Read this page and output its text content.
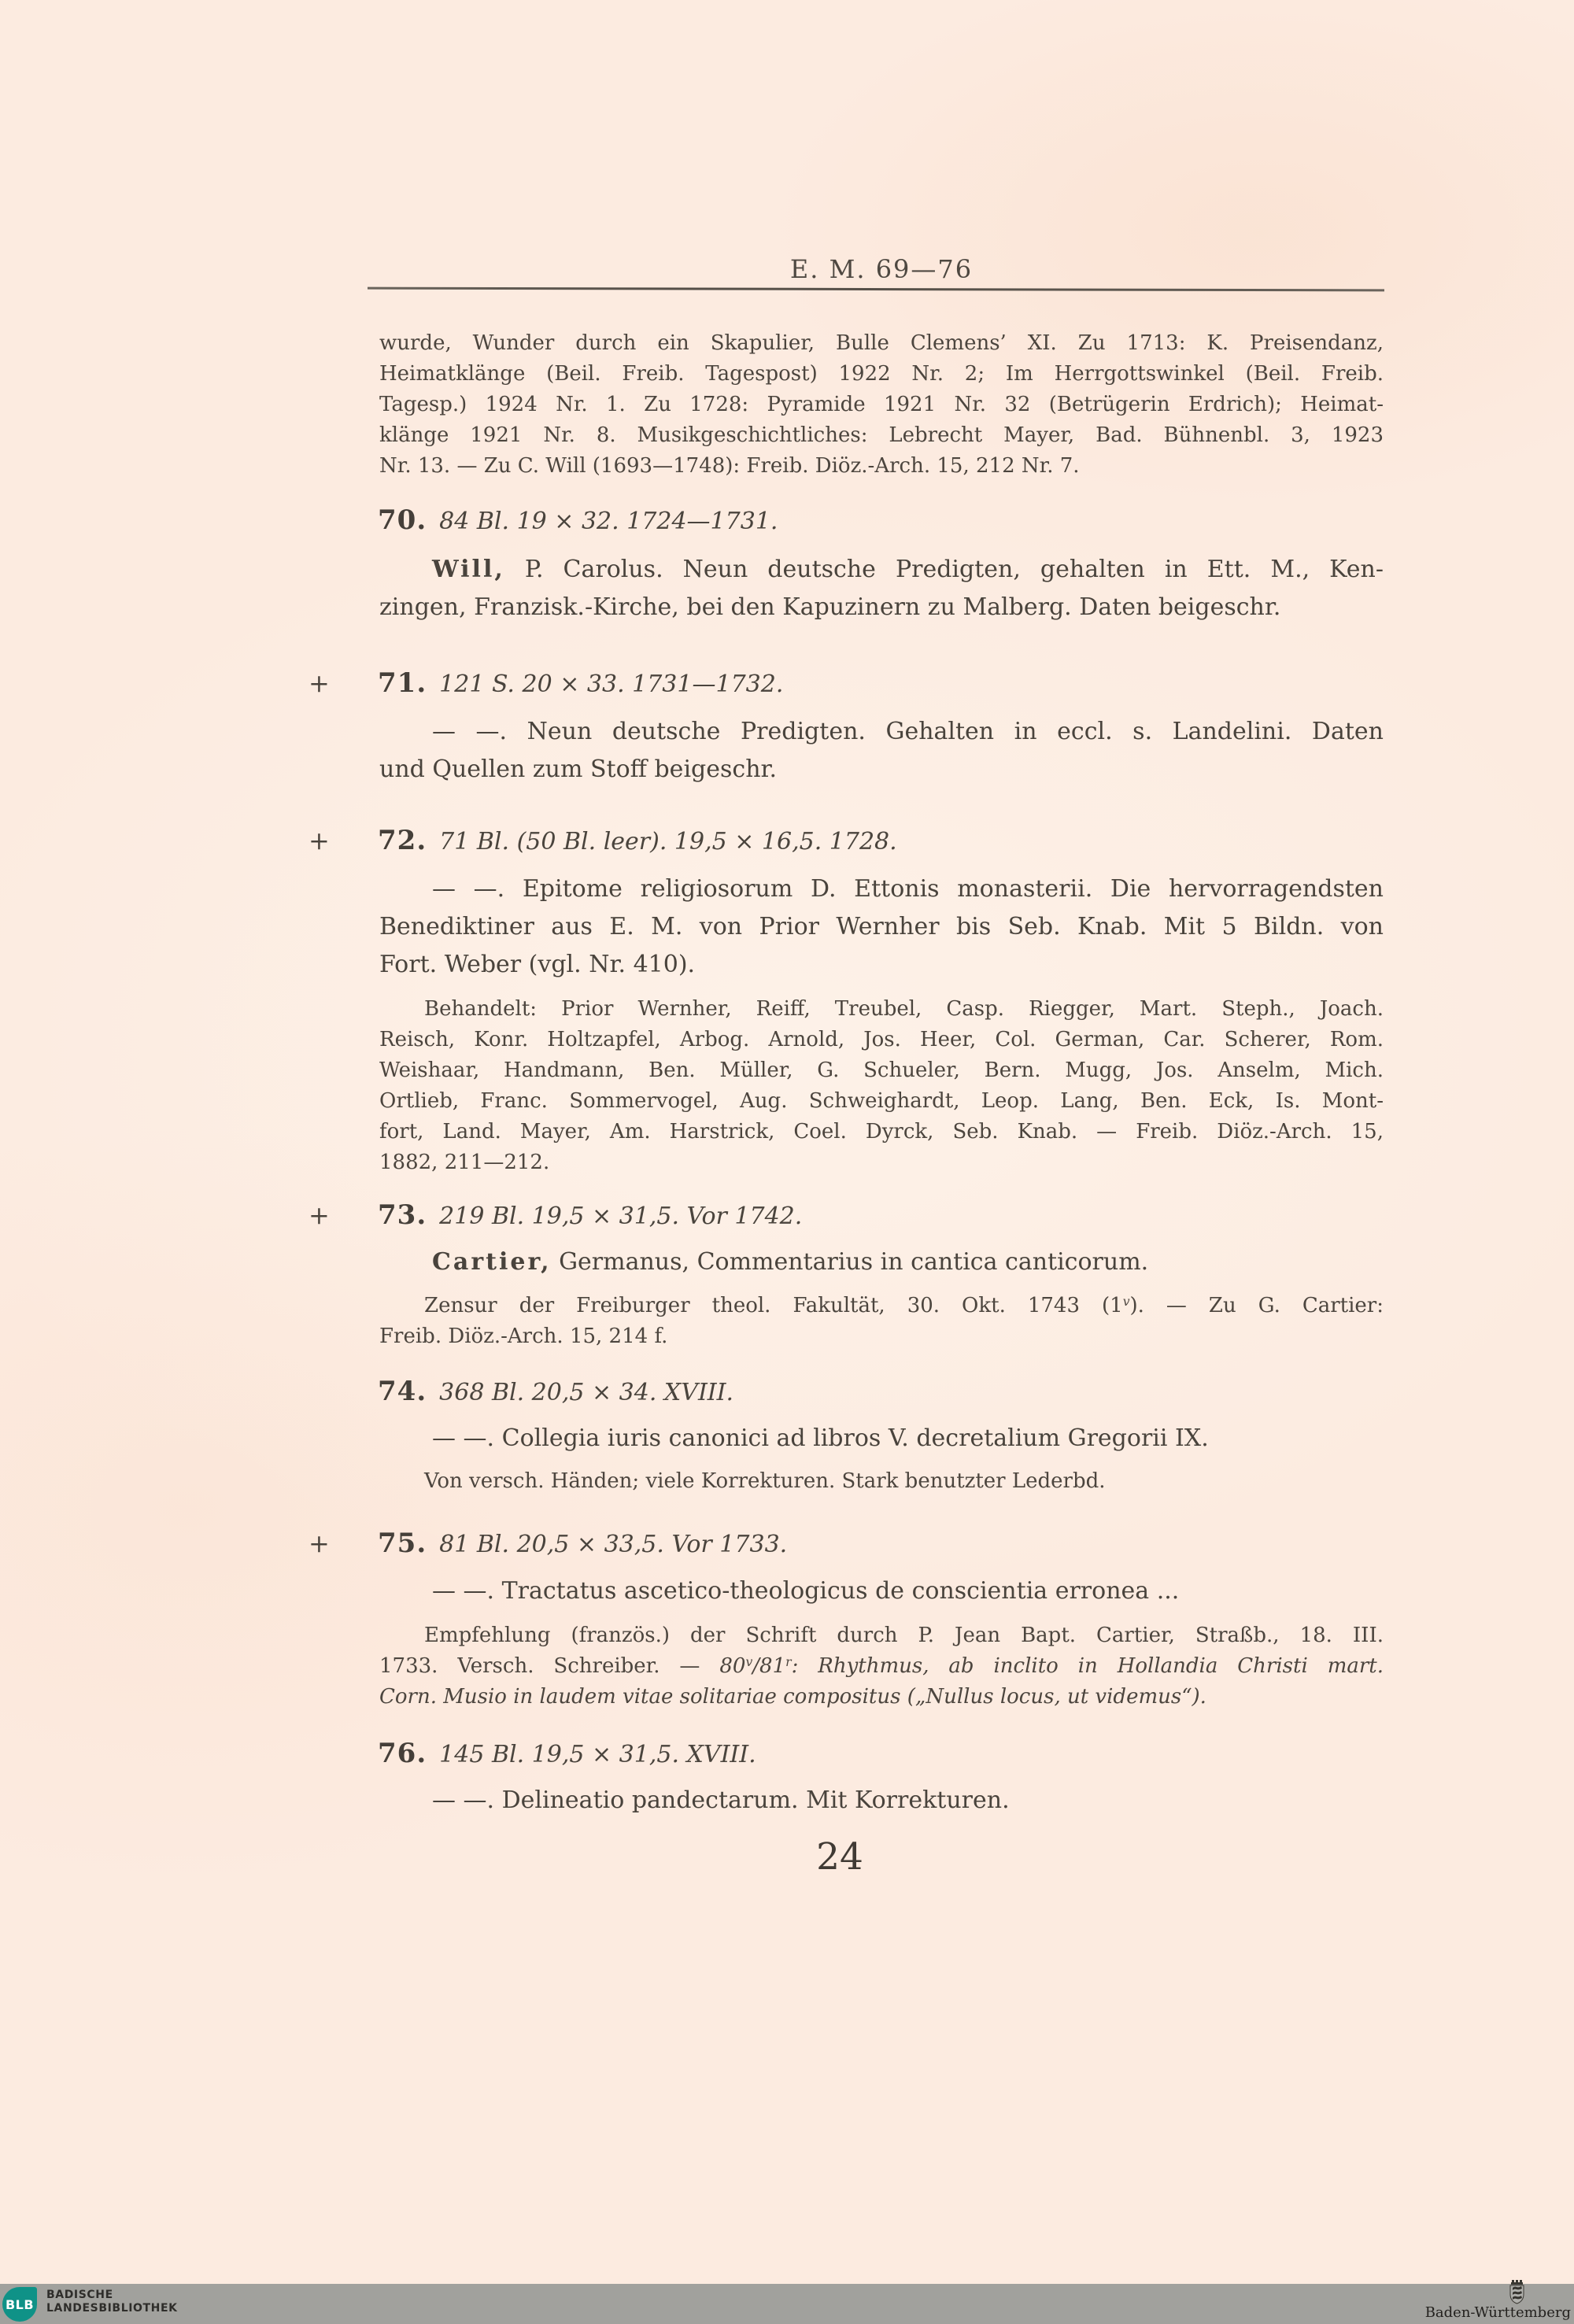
E. M. 69—76
wurde, Wunder durch ein Skapulier, Bulle Clemens’ XI. Zu 1713: K. Preisendanz,
Heimatklänge (Beil. Freib. Tagespost) 1922 Nr. 2; Im Herrgottswinkel (Beil. Freib.
Tagesp.) 1924 Nr. 1. Zu 1728: Pyramide 1921 Nr. 32 (Betrügerin Erdrich); Heimat-
klänge 1921 Nr. 8. Musikgeschichtliches: Lebrecht Mayer, Bad. Bühnenbl. 3, 1923
Nr. 13. — Zu C. Will (1693—1748): Freib. Diöz.-Arch. 15, 212 Nr. 7.
70. 84 Bl. 19 × 32. 1724—1731.
Will, P. Carolus. Neun deutsche Predigten, gehalten in Ett. M., Ken-
zingen, Franzisk.-Kirche, bei den Kapuzinern zu Malberg. Daten beigeschr.
+ 71. 121 S. 20 × 33. 1731—1732.
— —. Neun deutsche Predigten. Gehalten in eccl. s. Landelini. Daten
und Quellen zum Stoff beigeschr.
+ 72. 71 Bl. (50 Bl. leer). 19,5 × 16,5. 1728.
— —. Epitome religiosorum D. Ettonis monasterii. Die hervorragendsten
Benediktiner aus E. M. von Prior Wernher bis Seb. Knab. Mit 5 Bildn. von
Fort. Weber (vgl. Nr. 410).
Behandelt: Prior Wernher, Reiff, Treubel, Casp. Riegger, Mart. Steph., Joach.
Reisch, Konr. Holtzapfel, Arbog. Arnold, Jos. Heer, Col. German, Car. Scherer, Rom.
Weishaar, Handmann, Ben. Müller, G. Schueler, Bern. Mugg, Jos. Anselm, Mich.
Ortlieb, Franc. Sommervogel, Aug. Schweighardt, Leop. Lang, Ben. Eck, Is. Mont-
fort, Land. Mayer, Am. Harstrick, Coel. Dyrck, Seb. Knab. — Freib. Diöz.-Arch. 15,
1882, 211—212.
+ 73. 219 Bl. 19,5 × 31,5. Vor 1742.
Cartier, Germanus, Commentarius in cantica canticorum.
Zensur der Freiburger theol. Fakultät, 30. Okt. 1743 (1$^v$). — Zu G. Cartier:
Freib. Diöz.-Arch. 15, 214 f.
74. 368 Bl. 20,5 × 34. XVIII.
— —. Collegia iuris canonici ad libros V. decretalium Gregorii IX.
Von versch. Händen; viele Korrekturen. Stark benutzter Lederbd.
+ 75. 81 Bl. 20,5 × 33,5. Vor 1733.
— —. Tractatus ascetico-theologicus de conscientia erronea ...
Empfehlung (französ.) der Schrift durch P. Jean Bapt. Cartier, Straßb., 18. III.
1733. Versch. Schreiber. — 80$^v$/81$^r$: Rhythmus, ab inclito in Hollandia Christi mart.
Corn. Musio in laudem vitae solitariae compositus („Nullus locus, ut videmus“).
76. 145 Bl. 19,5 × 31,5. XVIII.
— —. Delineatio pandectarum. Mit Korrekturen.
24
BLB
BADISCHE
LANDESBIBLIOTHEK	Baden-Württemberg
